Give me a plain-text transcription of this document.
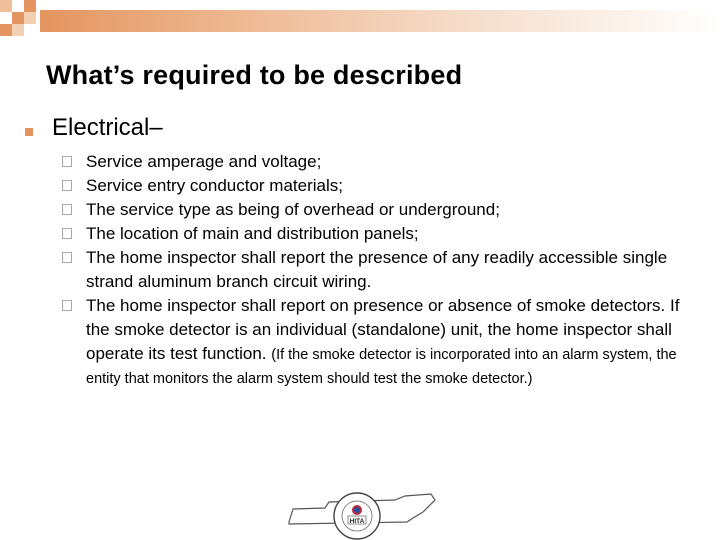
What’s required to be described
Electrical–
Service amperage and voltage;
Service entry conductor materials;
The service type as being of overhead or underground;
The location of main and distribution panels;
The home inspector shall report the presence of any readily accessible single strand aluminum branch circuit wiring.
The home inspector shall report on presence or absence of smoke detectors. If the smoke detector is an individual (standalone) unit, the home inspector shall operate its test function. (If the smoke detector is incorporated into an alarm system, the entity that monitors the alarm system should test the smoke detector.)
HITA
